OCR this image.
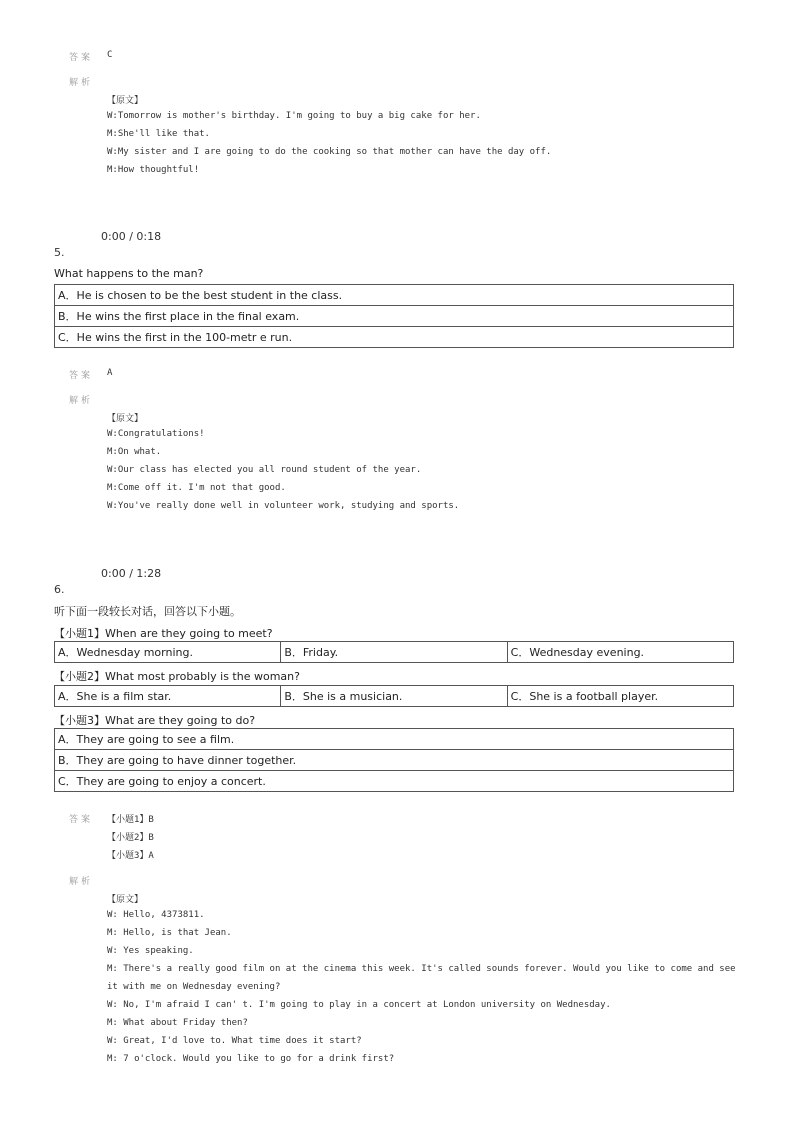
答案 C
解析
【原文】
W:Tomorrow is mother's birthday. I'm going to buy a big cake for her.
M:She'll like that.
W:My sister and I are going to do the cooking so that mother can have the day off.
M:How thoughtful!
0:00 / 0:18
5.
What happens to the man?
A．He is chosen to be the best student in the class.
B．He wins the first place in the final exam.
C．He wins the first in the 100-metr e run.
答案 A
解析
【原文】
W:Congratulations!
M:On what.
W:Our class has elected you all round student of the year.
M:Come off it. I'm not that good.
W:You've really done well in volunteer work, studying and sports.
0:00 / 1:28
6.
听下面一段较长对话，回答以下小题。
【小题1】When are they going to meet?
A．Wednesday morning.	B．Friday.	C．Wednesday evening.
【小题2】What most probably is the woman?
A．She is a film star.	B．She is a musician.	C．She is a football player.
【小题3】What are they going to do?
A．They are going to see a film.
B．They are going to have dinner together.
C．They are going to enjoy a concert.
答案 【小题1】B
【小题2】B
【小题3】A
解析
【原文】
W: Hello, 4373811.
M: Hello, is that Jean.
W: Yes speaking.
M: There's a really good film on at the cinema this week. It's called sounds forever. Would you like to come and see
it with me on Wednesday evening?
W: No, I'm afraid I can' t. I'm going to play in a concert at London university on Wednesday.
M: What about Friday then?
W: Great, I'd love to. What time does it start?
M: 7 o'clock. Would you like to go for a drink first?
